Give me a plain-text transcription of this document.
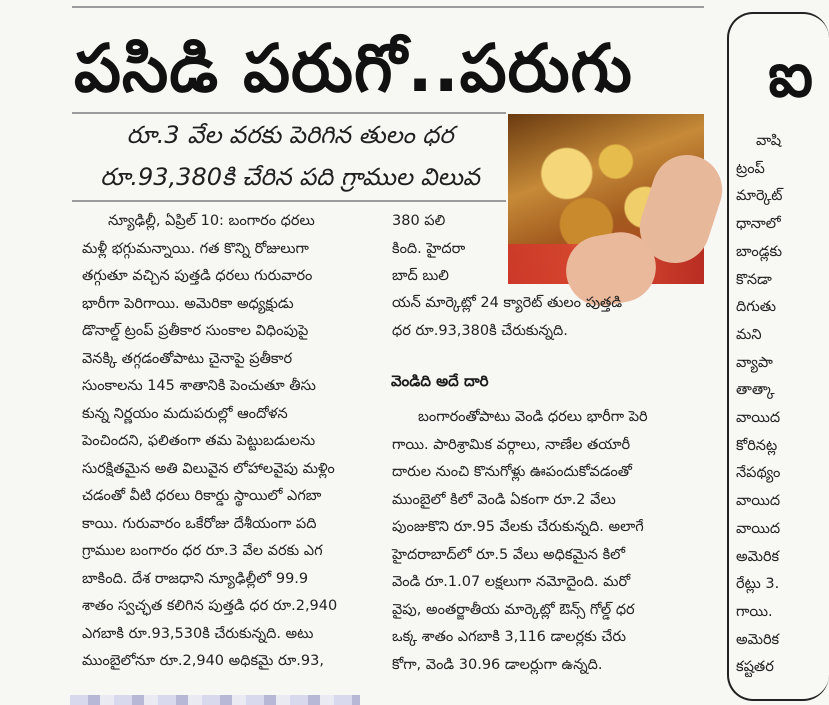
పసిడి పరుగో..పరుగు
రూ.3 వేల వరకు పెరిగిన తులం ధర
రూ.93,380కి చేరిన పది గ్రాముల విలువ
న్యూఢిల్లీ, ఏప్రిల్ 10: బంగారం ధరలు
మళ్లీ భగ్గుమన్నాయి. గత కొన్ని రోజులుగా
తగ్గుతూ వచ్చిన పుత్తడి ధరలు గురువారం
భారీగా పెరిగాయి. అమెరికా అధ్యక్షుడు
డొనాల్డ్ ట్రంప్ ప్రతీకార సుంకాల విధింపుపై
వెనక్కి తగ్గడంతోపాటు చైనాపై ప్రతీకార
సుంకాలను 145 శాతానికి పెంచుతూ తీసు
కున్న నిర్ణయం మదుపరుల్లో ఆందోళన
పెంచిందని, ఫలితంగా తమ పెట్టుబడులను
సురక్షితమైన అతి విలువైన లోహాలవైపు మళ్లిం
చడంతో వీటి ధరలు రికార్డు స్థాయిలో ఎగబా
కాయి. గురువారం ఒకేరోజు దేశీయంగా పది
గ్రాముల బంగారం ధర రూ.3 వేల వరకు ఎగ
బాకింది. దేశ రాజధాని న్యూఢిల్లీలో 99.9
శాతం స్వచ్ఛత కలిగిన పుత్తడి ధర రూ.2,940
ఎగబాకి రూ.93,530కి చేరుకున్నది. అటు
ముంబైలోనూ రూ.2,940 అధికమై రూ.93,
380 పలి
కింది. హైదరా
బాద్ బులి
యన్ మార్కెట్లో 24 క్యారెట్ తులం పుత్తడి
ధర రూ.93,380కి చేరుకున్నది.
వెండిది అదే దారి
బంగారంతోపాటు వెండి ధరలు భారీగా పెరి
గాయి. పారిశ్రామిక వర్గాలు, నాణేల తయారీ
దారుల నుంచి కొనుగోళ్లు ఊపందుకోవడంతో
ముంబైలో కిలో వెండి ఏకంగా రూ.2 వేలు
పుంజుకొని రూ.95 వేలకు చేరుకున్నది. అలాగే
హైదరాబాద్‌లో రూ.5 వేలు అధికమైన కిలో
వెండి రూ.1.07 లక్షలుగా నమోదైంది. మరో
వైపు, అంతర్జాతీయ మార్కెట్లో ఔన్స్ గోల్డ్ ధర
ఒక్క శాతం ఎగబాకి 3,116 డాలర్లకు చేరు
కోగా, వెండి 30.96 డాలర్లుగా ఉన్నది.
ఐ
వాషి
ట్రంప్
మార్కెట్
ధానాలో
బాండ్లకు
కొనడా
దిగుతు
మని
వ్యాపా
తాత్కా
వాయిద
కోరినట్ల
నేపథ్యం
వాయిద
వాయిద
అమెరిక
రేట్లు 3.
గాయి.
అమెరిక
కష్టతర
